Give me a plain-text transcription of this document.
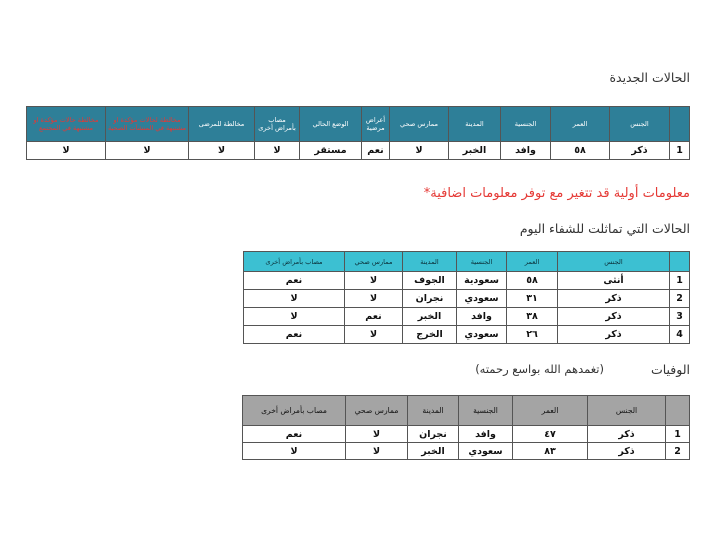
الحالات الجديدة
	الجنس	العمر	الجنسية	المدينة	ممارس صحي	أعراض مرضية	الوضع الحالي	مصاب بأمراض أخرى	مخالطة للمرضى	مخالطة لحالات مؤكدة او مشتبهة في المنشآت الصحية	مخالطة حالات مؤكدة او مشتبهة في المجتمع
1	ذكر	٥٨	وافد	الخبر	لا	نعم	مستقر	لا	لا	لا	لا
معلومات أولية قد تتغير مع توفر معلومات اضافية*
الحالات التي تماثلت للشفاء اليوم
	الجنس	العمر	الجنسية	المدينة	ممارس صحي	مصاب بأمراض أخرى
1	أنثى	٥٨	سعودية	الجوف	لا	نعم
2	ذكر	٣١	سعودي	نجران	لا	لا
3	ذكر	٣٨	وافد	الخبر	نعم	لا
4	ذكر	٢٦	سعودي	الخرج	لا	نعم
الوفيات
(تغمدهم الله بواسع رحمته)
	الجنس	العمر	الجنسية	المدينة	ممارس صحي	مصاب بأمراض أخرى
1	ذكر	٤٧	وافد	نجران	لا	نعم
2	ذكر	٨٣	سعودي	الخبر	لا	لا
